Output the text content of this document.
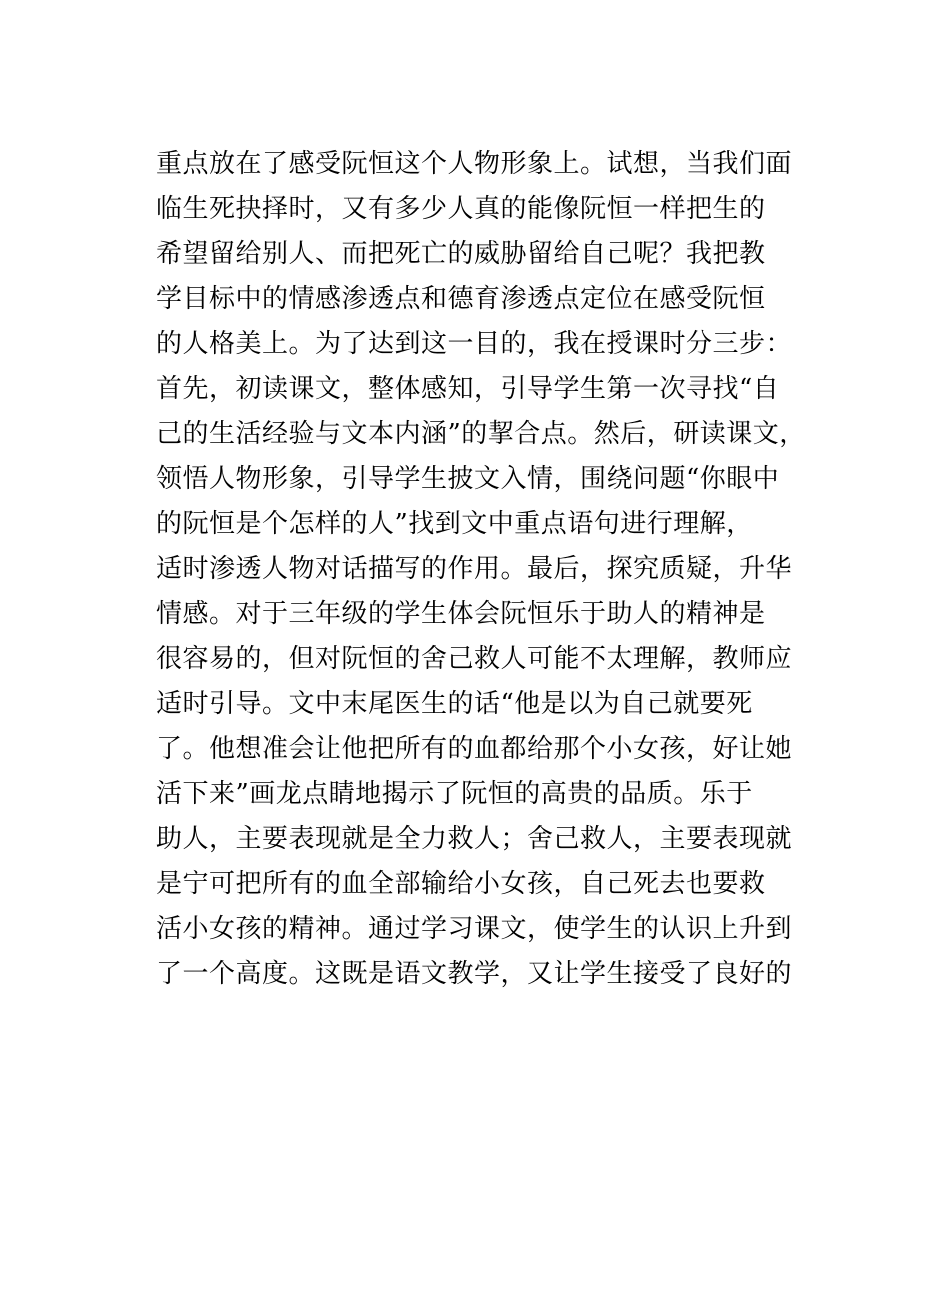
重点放在了感受阮恒这个人物形象上。试想，当我们面
临生死抉择时，又有多少人真的能像阮恒一样把生的
希望留给别人、而把死亡的威胁留给自己呢？我把教
学目标中的情感渗透点和德育渗透点定位在感受阮恒
的人格美上。为了达到这一目的，我在授课时分三步：
首先，初读课文，整体感知，引导学生第一次寻找“自
己的生活经验与文本内涵”的挈合点。然后，研读课文，
领悟人物形象，引导学生披文入情，围绕问题“你眼中
的阮恒是个怎样的人”找到文中重点语句进行理解，
适时渗透人物对话描写的作用。最后，探究质疑，升华
情感。对于三年级的学生体会阮恒乐于助人的精神是
很容易的，但对阮恒的舍己救人可能不太理解，教师应
适时引导。文中末尾医生的话“他是以为自己就要死
了。他想准会让他把所有的血都给那个小女孩，好让她
活下来”画龙点睛地揭示了阮恒的高贵的品质。乐于
助人，主要表现就是全力救人；舍己救人，主要表现就
是宁可把所有的血全部输给小女孩，自己死去也要救
活小女孩的精神。通过学习课文，使学生的认识上升到
了一个高度。这既是语文教学，又让学生接受了良好的
